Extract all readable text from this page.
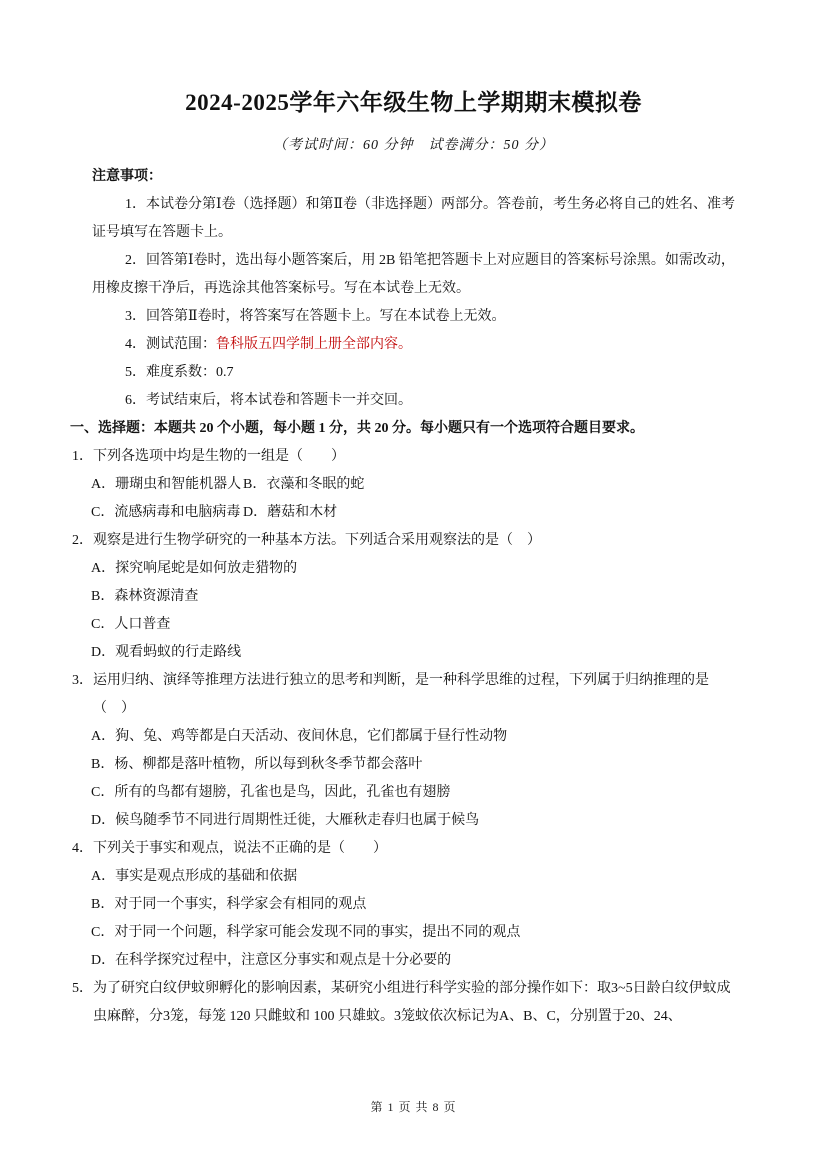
2024-2025学年六年级生物上学期期末模拟卷

（考试时间：60 分钟　试卷满分：50 分）

注意事项：

1．本试卷分第Ⅰ卷（选择题）和第Ⅱ卷（非选择题）两部分。答卷前，考生务必将自己的姓名、准考证号填写在答题卡上。

2．回答第Ⅰ卷时，选出每小题答案后，用 2B 铅笔把答题卡上对应题目的答案标号涂黑。如需改动，用橡皮擦干净后，再选涂其他答案标号。写在本试卷上无效。

3．回答第Ⅱ卷时，将答案写在答题卡上。写在本试卷上无效。

4．测试范围：鲁科版五四学制上册全部内容。

5．难度系数：0.7

6．考试结束后，将本试卷和答题卡一并交回。

一、选择题：本题共 20 个小题，每小题 1 分，共 20 分。每小题只有一个选项符合题目要求。

1．下列各选项中均是生物的一组是（　　）

A．珊瑚虫和智能机器人 B．衣藻和冬眠的蛇

C．流感病毒和电脑病毒 D．蘑菇和木材

2．观察是进行生物学研究的一种基本方法。下列适合采用观察法的是（　）

A．探究响尾蛇是如何放走猎物的

B．森林资源清查

C．人口普查

D．观看蚂蚁的行走路线

3．运用归纳、演绎等推理方法进行独立的思考和判断，是一种科学思维的过程，下列属于归纳推理的是（　）

A．狗、兔、鸡等都是白天活动、夜间休息，它们都属于昼行性动物

B．杨、柳都是落叶植物，所以每到秋冬季节都会落叶

C．所有的鸟都有翅膀，孔雀也是鸟，因此，孔雀也有翅膀

D．候鸟随季节不同进行周期性迁徙，大雁秋走春归也属于候鸟

4．下列关于事实和观点，说法不正确的是（　　）

A．事实是观点形成的基础和依据

B．对于同一个事实，科学家会有相同的观点

C．对于同一个问题，科学家可能会发现不同的事实，提出不同的观点

D．在科学探究过程中，注意区分事实和观点是十分必要的

5．为了研究白纹伊蚊卵孵化的影响因素，某研究小组进行科学实验的部分操作如下：取3~5日龄白纹伊蚊成虫麻醉，分3笼，每笼 120 只雌蚊和 100 只雄蚊。3笼蚊依次标记为A、B、C，分别置于20、24、

第 1 页 共 8 页
